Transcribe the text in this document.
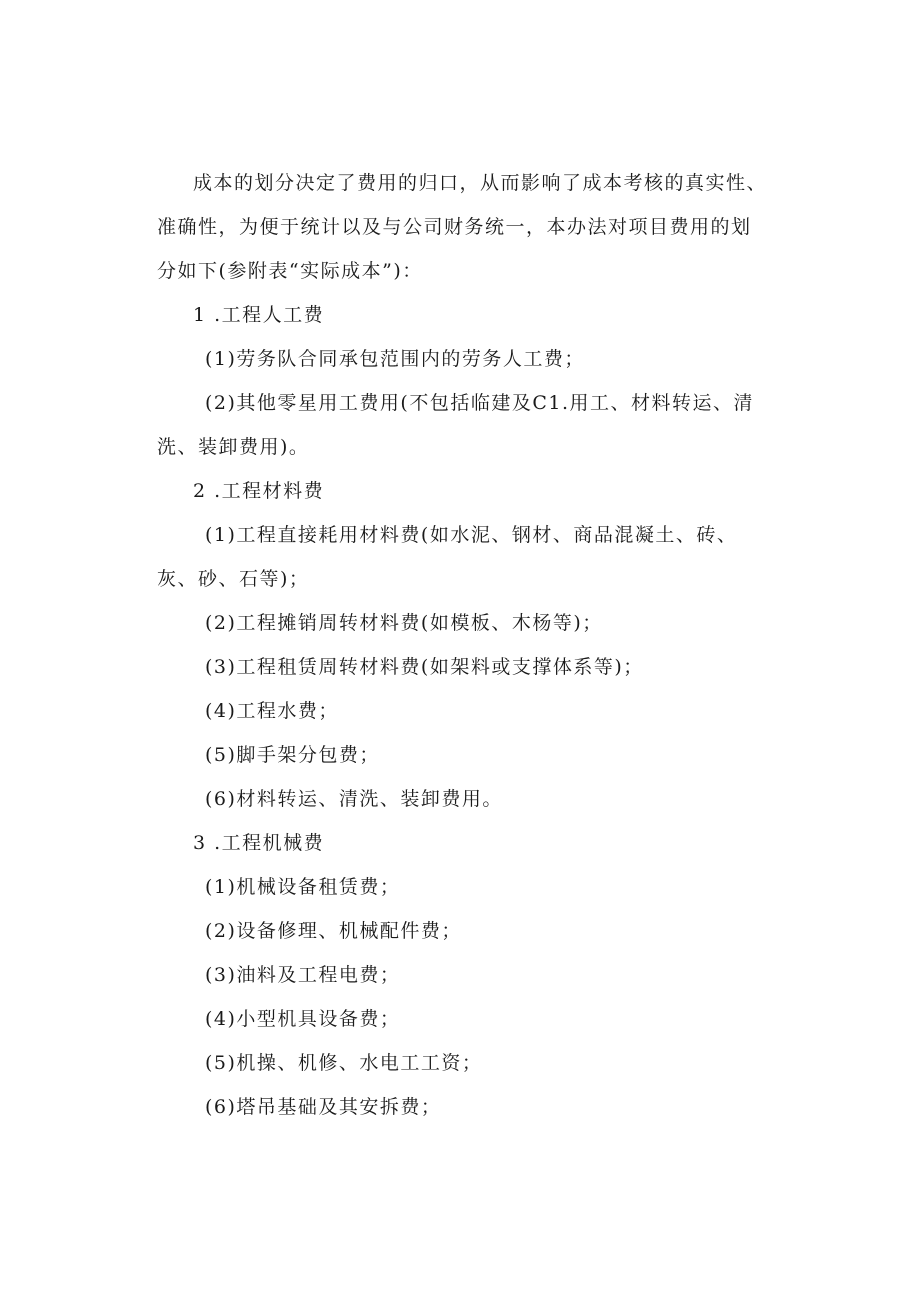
成本的划分决定了费用的归口，从而影响了成本考核的真实性、
准确性，为便于统计以及与公司财务统一，本办法对项目费用的划
分如下(参附表“实际成本”)：
1 .工程人工费
(1)劳务队合同承包范围内的劳务人工费；
(2)其他零星用工费用(不包括临建及C1.用工、材料转运、清
洗、装卸费用)。
2 .工程材料费
(1)工程直接耗用材料费(如水泥、钢材、商品混凝土、砖、
灰、砂、石等)；
(2)工程摊销周转材料费(如模板、木杨等)；
(3)工程租赁周转材料费(如架料或支撑体系等)；
(4)工程水费；
(5)脚手架分包费；
(6)材料转运、清洗、装卸费用。
3 .工程机械费
(1)机械设备租赁费；
(2)设备修理、机械配件费；
(3)油料及工程电费；
(4)小型机具设备费；
(5)机操、机修、水电工工资；
(6)塔吊基础及其安拆费；
